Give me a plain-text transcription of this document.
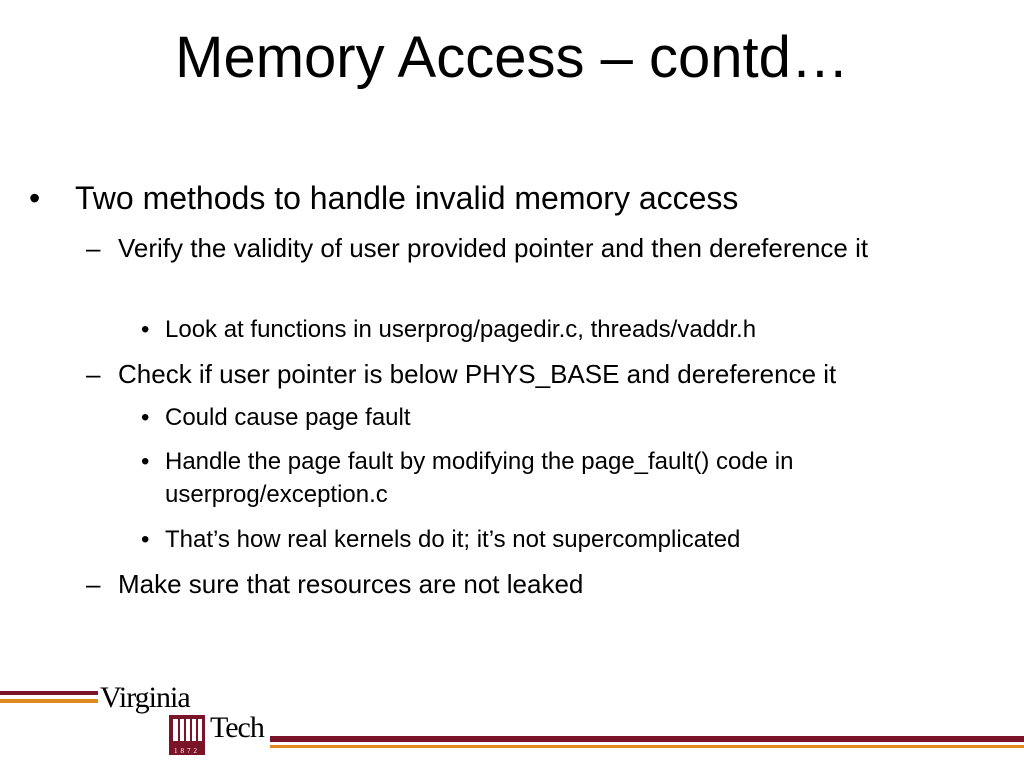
Memory Access – contd…
•	Two methods to handle invalid memory access
– Verify the validity of user provided pointer and then dereference it
• Look at functions in userprog/pagedir.c, threads/vaddr.h
– Check if user pointer is below PHYS_BASE and dereference it
• Could cause page fault
• Handle the page fault by modifying the page_fault() code in userprog/exception.c
• That’s how real kernels do it; it’s not supercomplicated
– Make sure that resources are not leaked
Virginia
Tech
1872
